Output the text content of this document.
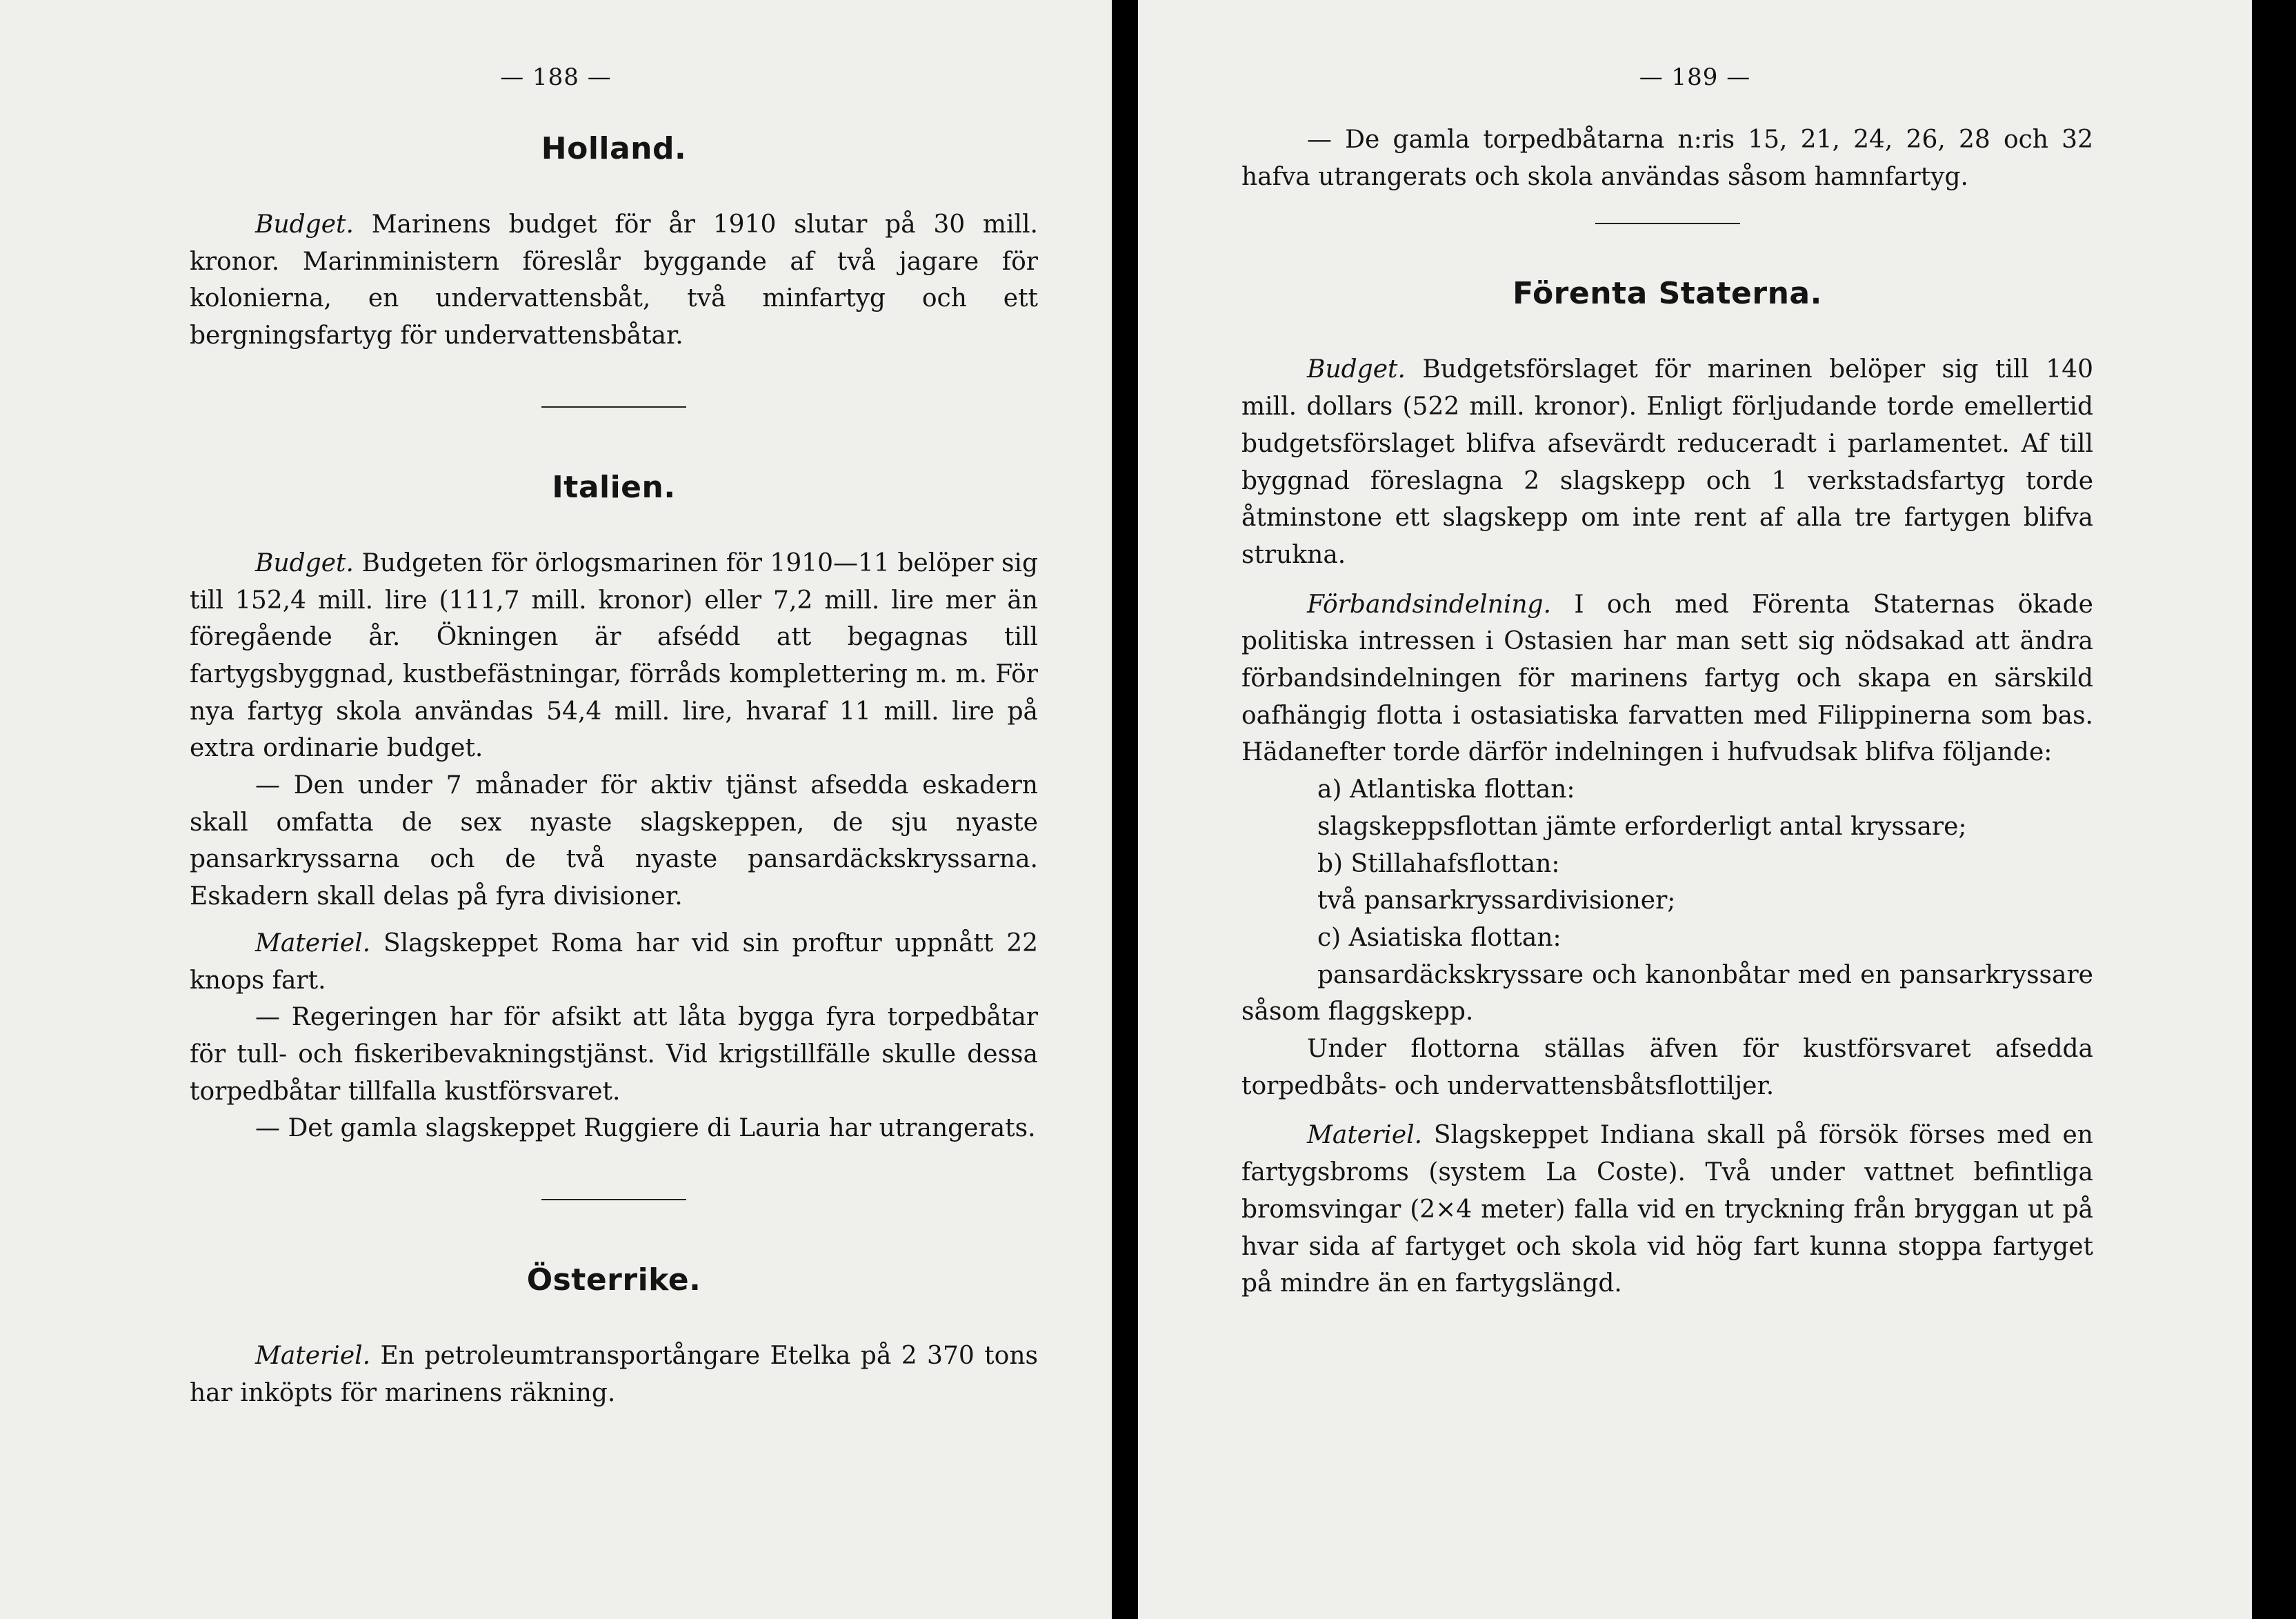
— 188 —
Holland.

Budget. Marinens budget för år 1910 slutar på 30 mill. kronor. Marinministern föreslår byggande af två jagare för kolonierna, en undervattensbåt, två minfartyg och ett bergningsfartyg för undervattensbåtar.

Italien.

Budget. Budgeten för örlogsmarinen för 1910—11 belöper sig till 152,4 mill. lire (111,7 mill. kronor) eller 7,2 mill. lire mer än föregående år. Ökningen är afsédd att begagnas till fartygsbyggnad, kustbefästningar, förråds komplettering m. m. För nya fartyg skola användas 54,4 mill. lire, hvaraf 11 mill. lire på extra ordinarie budget.

— Den under 7 månader för aktiv tjänst afsedda eskadern skall omfatta de sex nyaste slagskeppen, de sju nyaste pansarkryssarna och de två nyaste pansardäckskryssarna. Eskadern skall delas på fyra divisioner.

Materiel. Slagskeppet Roma har vid sin proftur uppnått 22 knops fart.

— Regeringen har för afsikt att låta bygga fyra torpedbåtar för tull- och fiskeribevakningstjänst. Vid krigstillfälle skulle dessa torpedbåtar tillfalla kustförsvaret.

— Det gamla slagskeppet Ruggiere di Lauria har utrangerats.

Österrike.

Materiel. En petroleumtransportångare Etelka på 2 370 tons har inköpts för marinens räkning.

— 189 —

— De gamla torpedbåtarna n:ris 15, 21, 24, 26, 28 och 32 hafva utrangerats och skola användas såsom hamnfartyg.

Förenta Staterna.

Budget. Budgetsförslaget för marinen belöper sig till 140 mill. dollars (522 mill. kronor). Enligt förljudande torde emellertid budgetsförslaget blifva afsevärdt reduceradt i parlamentet. Af till byggnad föreslagna 2 slagskepp och 1 verkstadsfartyg torde åtminstone ett slagskepp om inte rent af alla tre fartygen blifva strukna.

Förbandsindelning. I och med Förenta Staternas ökade politiska intressen i Ostasien har man sett sig nödsakad att ändra förbandsindelningen för marinens fartyg och skapa en särskild oafhängig flotta i ostasiatiska farvatten med Filippinerna som bas. Hädanefter torde därför indelningen i hufvudsak blifva följande:

a) Atlantiska flottan:

slagskeppsflottan jämte erforderligt antal kryssare;

b) Stillahafsflottan:

två pansarkryssardivisioner;

c) Asiatiska flottan:

pansardäckskryssare och kanonbåtar med en pansarkryssare såsom flaggskepp.

Under flottorna ställas äfven för kustförsvaret afsedda torpedbåts- och undervattensbåtsflottiljer.

Materiel. Slagskeppet Indiana skall på försök förses med en fartygsbroms (system La Coste). Två under vattnet befintliga bromsvingar (2×4 meter) falla vid en tryckning från bryggan ut på hvar sida af fartyget och skola vid hög fart kunna stoppa fartyget på mindre än en fartygslängd.
